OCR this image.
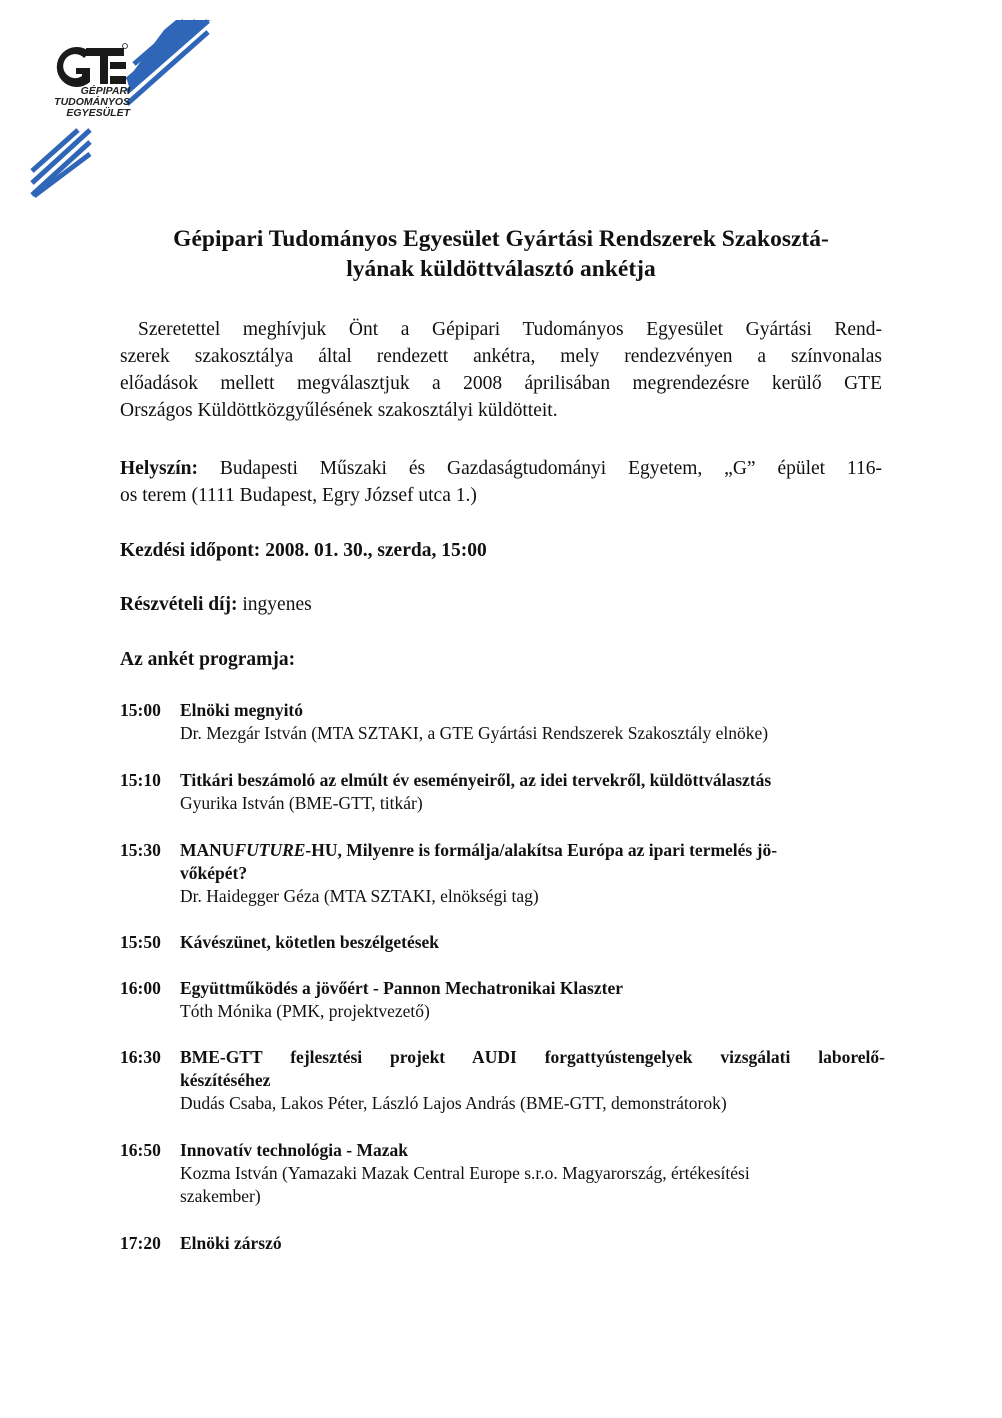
GÉPIPARI
TUDOMÁNYOS
EGYESÜLET
Gépipari Tudományos Egyesület Gyártási Rendszerek Szakosztá-
lyának küldöttválasztó ankétja
Szeretettel meghívjuk Önt a Gépipari Tudományos Egyesület Gyártási Rend-
szerek szakosztálya által rendezett ankétra, mely rendezvényen a színvonalas
előadások mellett megválasztjuk a 2008 áprilisában megrendezésre kerülő GTE
Országos Küldöttközgyűlésének szakosztályi küldötteit.
Helyszín: Budapesti Műszaki és Gazdaságtudományi Egyetem, „G” épület 116-
os terem (1111 Budapest, Egry József utca 1.)
Kezdési időpont: 2008. 01. 30., szerda, 15:00
Részvételi díj: ingyenes
Az ankét programja:
15:00 Elnöki megnyitó
Dr. Mezgár István (MTA SZTAKI, a GTE Gyártási Rendszerek Szakosztály elnöke)
15:10 Titkári beszámoló az elmúlt év eseményeiről, az idei tervekről, küldöttválasztás
Gyurika István (BME-GTT, titkár)
15:30 MANUFUTURE-HU, Milyenre is formálja/alakítsa Európa az ipari termelés jö-
vőképét?
Dr. Haidegger Géza (MTA SZTAKI, elnökségi tag)
15:50 Kávészünet, kötetlen beszélgetések
16:00 Együttműködés a jövőért - Pannon Mechatronikai Klaszter
Tóth Mónika (PMK, projektvezető)
16:30 BME-GTT fejlesztési projekt AUDI forgattyústengelyek vizsgálati laborelő-
készítéséhez
Dudás Csaba, Lakos Péter, László Lajos András (BME-GTT, demonstrátorok)
16:50 Innovatív technológia - Mazak
Kozma István (Yamazaki Mazak Central Europe s.r.o. Magyarország, értékesítési
szakember)
17:20 Elnöki zárszó
